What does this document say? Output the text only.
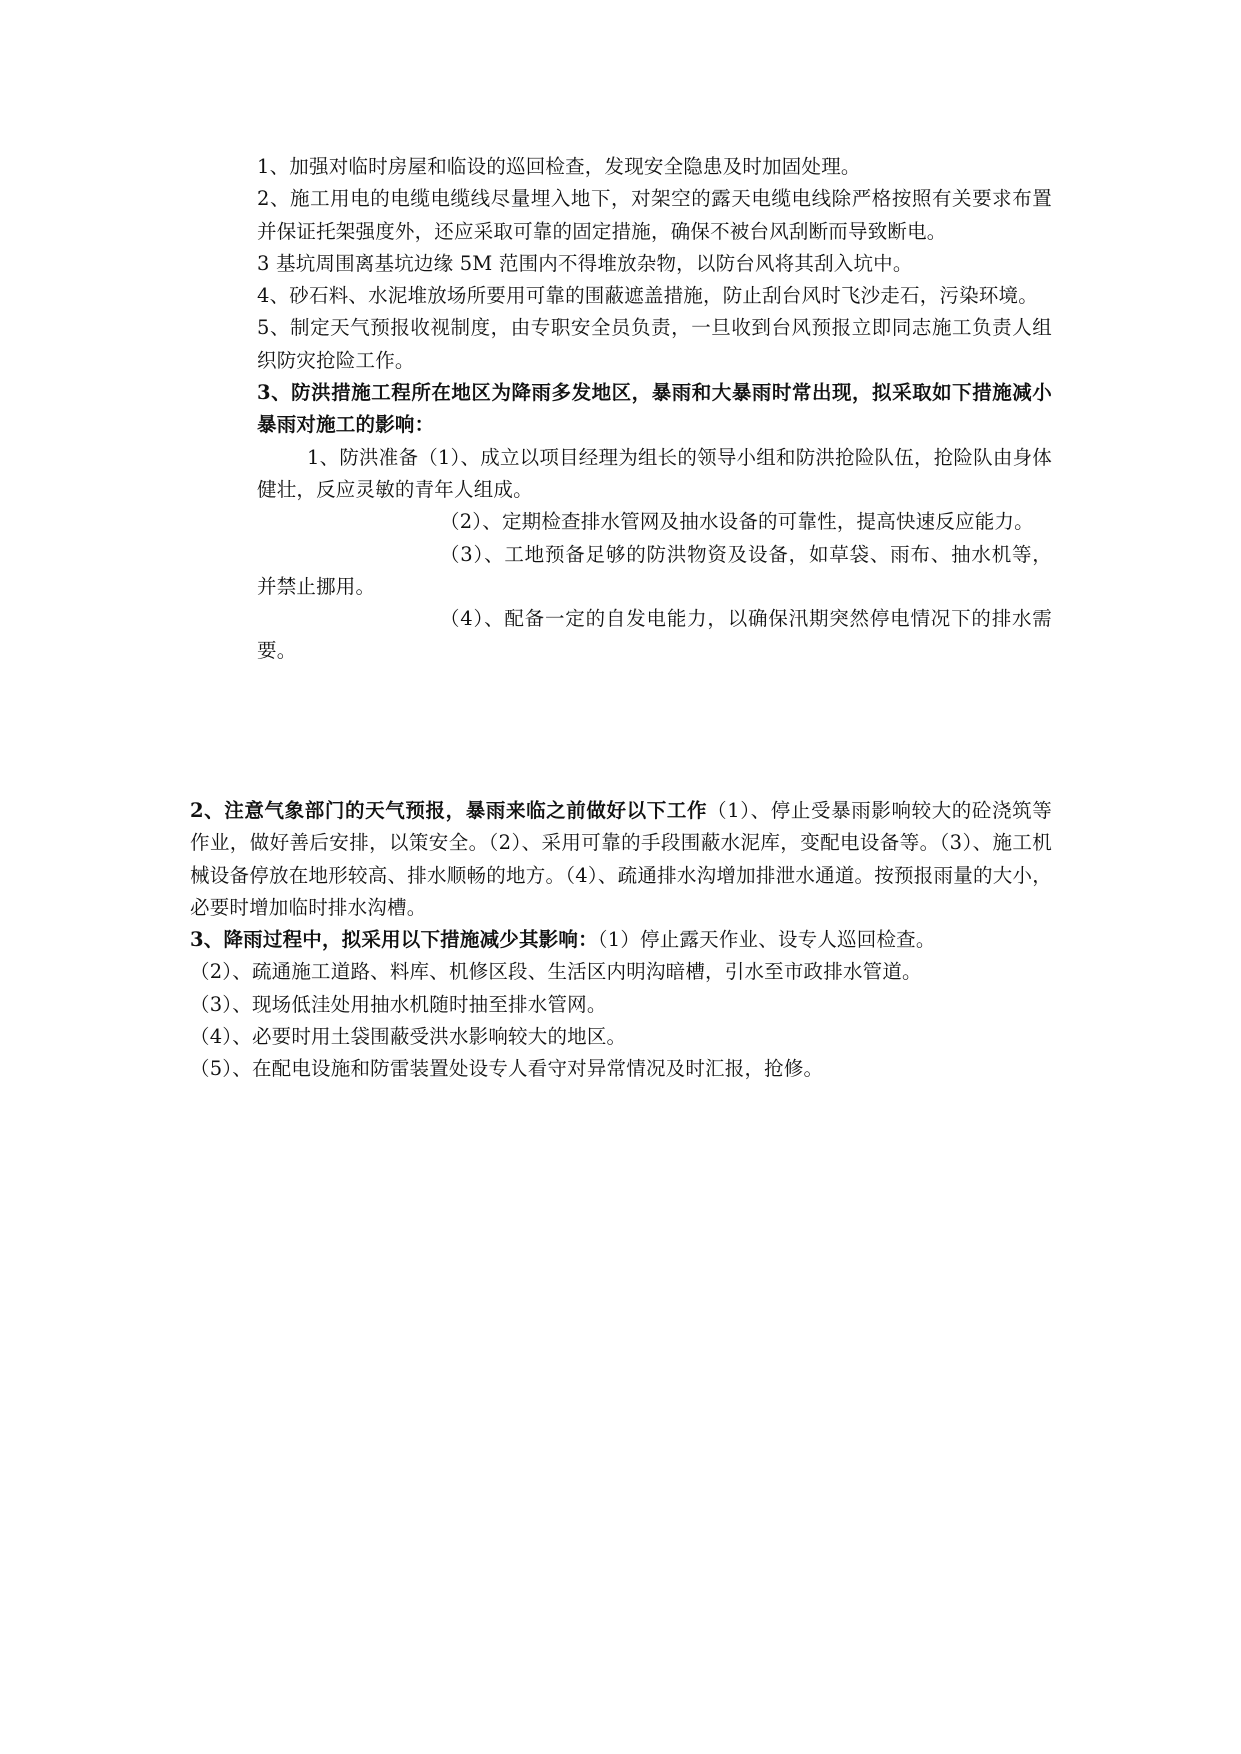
1、加强对临时房屋和临设的巡回检查，发现安全隐患及时加固处理。

2、施工用电的电缆电缆线尽量埋入地下，对架空的露天电缆电线除严格按照有关要求布置并保证托架强度外，还应采取可靠的固定措施，确保不被台风刮断而导致断电。

3 基坑周围离基坑边缘 5M 范围内不得堆放杂物，以防台风将其刮入坑中。

4、砂石料、水泥堆放场所要用可靠的围蔽遮盖措施，防止刮台风时飞沙走石，污染环境。

5、制定天气预报收视制度，由专职安全员负责，一旦收到台风预报立即同志施工负责人组织防灾抢险工作。

3、防洪措施工程所在地区为降雨多发地区，暴雨和大暴雨时常出现，拟采取如下措施减小暴雨对施工的影响：

1、防洪准备（1）、成立以项目经理为组长的领导小组和防洪抢险队伍，抢险队由身体健壮，反应灵敏的青年人组成。

（2）、定期检查排水管网及抽水设备的可靠性，提高快速反应能力。

（3）、工地预备足够的防洪物资及设备，如草袋、雨布、抽水机等，并禁止挪用。

（4）、配备一定的自发电能力，以确保汛期突然停电情况下的排水需要。

2、注意气象部门的天气预报，暴雨来临之前做好以下工作（1）、停止受暴雨影响较大的砼浇筑等作业，做好善后安排，以策安全。（2）、采用可靠的手段围蔽水泥库，变配电设备等。（3）、施工机械设备停放在地形较高、排水顺畅的地方。（4）、疏通排水沟增加排泄水通道。按预报雨量的大小，必要时增加临时排水沟槽。

3、降雨过程中，拟采用以下措施减少其影响：（1）停止露天作业、设专人巡回检查。

（2）、疏通施工道路、料库、机修区段、生活区内明沟暗槽，引水至市政排水管道。

（3）、现场低洼处用抽水机随时抽至排水管网。

（4）、必要时用土袋围蔽受洪水影响较大的地区。

（5）、在配电设施和防雷装置处设专人看守对异常情况及时汇报，抢修。
